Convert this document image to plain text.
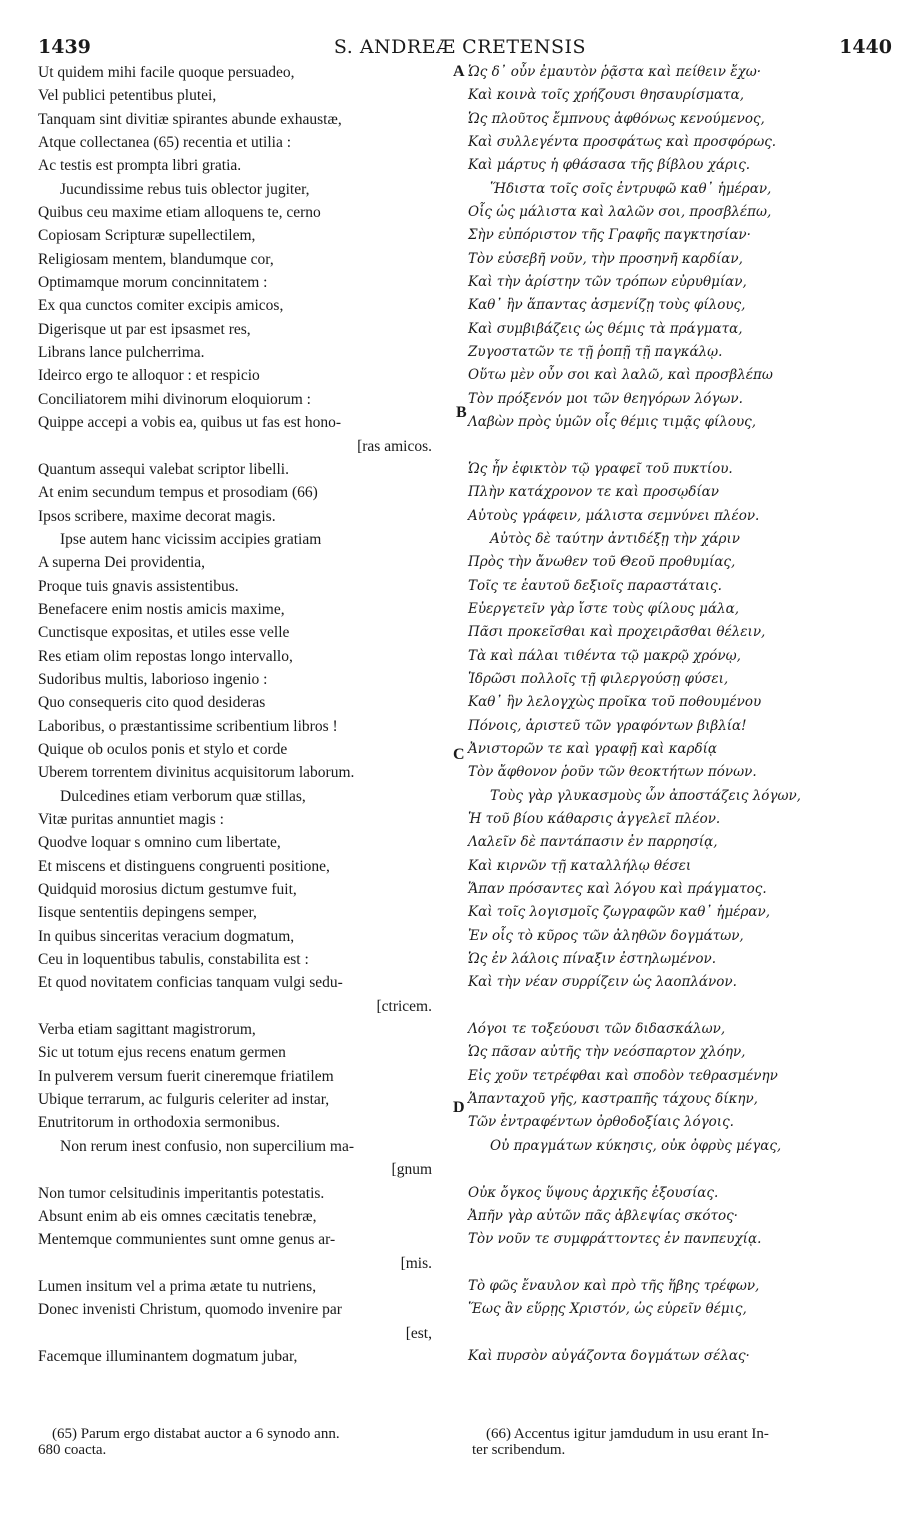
S. ANDREÆ CRETENSIS
1439	1440
Ut quidem mihi facile quoque persuadeo,
Vel publici petentibus plutei,
Tanquam sint divitiæ spirantes abunde exhaustæ,
Atque collectanea (65) recentia et utilia :
Ac testis est prompta libri gratia.
Jucundissime rebus tuis oblector jugiter,
Quibus ceu maxime etiam alloquens te, cerno
Copiosam Scripturæ supellectilem,
Religiosam mentem, blandumque cor,
Optimamque morum concinnitatem :
Ex qua cunctos comiter excipis amicos,
Digerisque ut par est ipsasmet res,
Librans lance pulcherrima.
Ideirco ergo te alloquor : et respicio
Conciliatorem mihi divinorum eloquiorum :
Quippe accepi a vobis ea, quibus ut fas est hono-
[ras amicos.
Quantum assequi valebat scriptor libelli.
At enim secundum tempus et prosodiam (66)
Ipsos scribere, maxime decorat magis.
Ipse autem hanc vicissim accipies gratiam
A superna Dei providentia,
Proque tuis gnavis assistentibus.
Benefacere enim nostis amicis maxime,
Cunctisque expositas, et utiles esse velle
Res etiam olim repostas longo intervallo,
Sudoribus multis, laborioso ingenio :
Quo consequeris cito quod desideras
Laboribus, o præstantissime scribentium libros !
Quique ob oculos ponis et stylo et corde
Uberem torrentem divinitus acquisitorum laborum.
Dulcedines etiam verborum quæ stillas,
Vitæ puritas annuntiet magis :
Quodve loquar s omnino cum libertate,
Et miscens et distinguens congruenti positione,
Quidquid morosius dictum gestumve fuit,
Iisque sententiis depingens semper,
In quibus sinceritas veracium dogmatum,
Ceu in loquentibus tabulis, constabilita est :
Et quod novitatem conficias tanquam vulgi sedu-
[ctricem.
Verba etiam sagittant magistrorum,
Sic ut totum ejus recens enatum germen
In pulverem versum fuerit cineremque friatilem
Ubique terrarum, ac fulguris celeriter ad instar,
Enutritorum in orthodoxia sermonibus.
Non rerum inest confusio, non supercilium ma-
[gnum
Non tumor celsitudinis imperitantis potestatis.
Absunt enim ab eis omnes cæcitatis tenebræ,
Mentemque communientes sunt omne genus ar-
[mis.
Lumen insitum vel a prima ætate tu nutriens,
Donec invenisti Christum, quomodo invenire par
[est,
Facemque illuminantem dogmatum jubar,
Ὡς δ᾽ οὖν ἐμαυτὸν ῥᾷστα καὶ πείθειν ἔχω·
Καὶ κοινὰ τοῖς χρήζουσι θησαυρίσματα,
Ὡς πλοῦτος ἔμπνους ἀφθόνως κενούμενος,
Καὶ συλλεγέντα προσφάτως καὶ προσφόρως.
Καὶ μάρτυς ἡ φθάσασα τῆς βίβλου χάρις.
Ἥδιστα τοῖς σοῖς ἐντρυφῶ καθ᾽ ἡμέραν,
Οἷς ὡς μάλιστα καὶ λαλῶν σοι, προσβλέπω,
Σὴν εὐπόριστον τῆς Γραφῆς παγκτησίαν·
Τὸν εὐσεβῆ νοῦν, τὴν προσηνῆ καρδίαν,
Καὶ τὴν ἀρίστην τῶν τρόπων εὐρυθμίαν,
Καθ᾽ ἣν ἅπαντας ἀσμενίζῃ τοὺς φίλους,
Καὶ συμβιβάζεις ὡς θέμις τὰ πράγματα,
Ζυγοστατῶν τε τῇ ῥοπῇ τῇ παγκάλῳ.
Οὕτω μὲν οὖν σοι καὶ λαλῶ, καὶ προσβλέπω
Τὸν πρόξενόν μοι τῶν θεηγόρων λόγων.
Λαβὼν πρὸς ὑμῶν οἷς θέμις τιμᾷς φίλους,
Ὡς ἦν ἐφικτὸν τῷ γραφεῖ τοῦ πυκτίου.
Πλὴν κατάχρονον τε καὶ προσῳδίαν
Αὐτοὺς γράφειν, μάλιστα σεμνύνει πλέον.
Αὐτὸς δὲ ταύτην ἀντιδέξῃ τὴν χάριν
Πρὸς τὴν ἄνωθεν τοῦ Θεοῦ προθυμίας,
Τοῖς τε ἑαυτοῦ δεξιοῖς παραστάταις.
Εὐεργετεῖν γὰρ ἴστε τοὺς φίλους μάλα,
Πᾶσι προκεῖσθαι καὶ προχειρᾶσθαι θέλειν,
Τὰ καὶ πάλαι τιθέντα τῷ μακρῷ χρόνῳ,
Ἱδρῶσι πολλοῖς τῇ φιλεργούσῃ φύσει,
Καθ᾽ ἣν λελογχὼς προῖκα τοῦ ποθουμένου
Πόνοις, ἀριστεῦ τῶν γραφόντων βιβλία!
Ἀνιστορῶν τε καὶ γραφῇ καὶ καρδίᾳ
Τὸν ἄφθονον ῥοῦν τῶν θεοκτήτων πόνων.
Τοὺς γὰρ γλυκασμοὺς ὧν ἀποστάζεις λόγων,
Ἡ τοῦ βίου κάθαρσις ἀγγελεῖ πλέον.
Λαλεῖν δὲ παντάπασιν ἐν παρρησίᾳ,
Καὶ κιρνῶν τῇ καταλλήλῳ θέσει
Ἅπαν πρόσαντες καὶ λόγου καὶ πράγματος.
Καὶ τοῖς λογισμοῖς ζωγραφῶν καθ᾽ ἡμέραν,
Ἐν οἷς τὸ κῦρος τῶν ἀληθῶν δογμάτων,
Ὡς ἐν λάλοις πίναξιν ἐστηλωμένον.
Καὶ τὴν νέαν συρρίζειν ὡς λαοπλάνον.
Λόγοι τε τοξεύουσι τῶν διδασκάλων,
Ὡς πᾶσαν αὐτῆς τὴν νεόσπαρτον χλόην,
Εἰς χοῦν τετρέφθαι καὶ σποδὸν τεθρασμένην
Ἁπανταχοῦ γῆς, καστραπῆς τάχους δίκην,
Τῶν ἐντραφέντων ὀρθοδοξίαις λόγοις.
Οὐ πραγμάτων κύκησις, οὐκ ὀφρὺς μέγας,
Οὐκ ὄγκος ὕψους ἀρχικῆς ἐξουσίας.
Ἀπῆν γὰρ αὐτῶν πᾶς ἀβλεψίας σκότος·
Τὸν νοῦν τε συμφράττοντες ἐν πανπευχίᾳ.
Τὸ φῶς ἔναυλον καὶ πρὸ τῆς ἥβης τρέφων,
Ἕως ἂν εὕρῃς Χριστόν, ὡς εὑρεῖν θέμις,
Καὶ πυρσὸν αὐγάζοντα δογμάτων σέλας·
A
B
C
D
(65) Parum ergo distabat auctor a 6 synodo ann.
680 coacta.
(66) Accentus igitur jamdudum in usu erant In-
ter scribendum.
